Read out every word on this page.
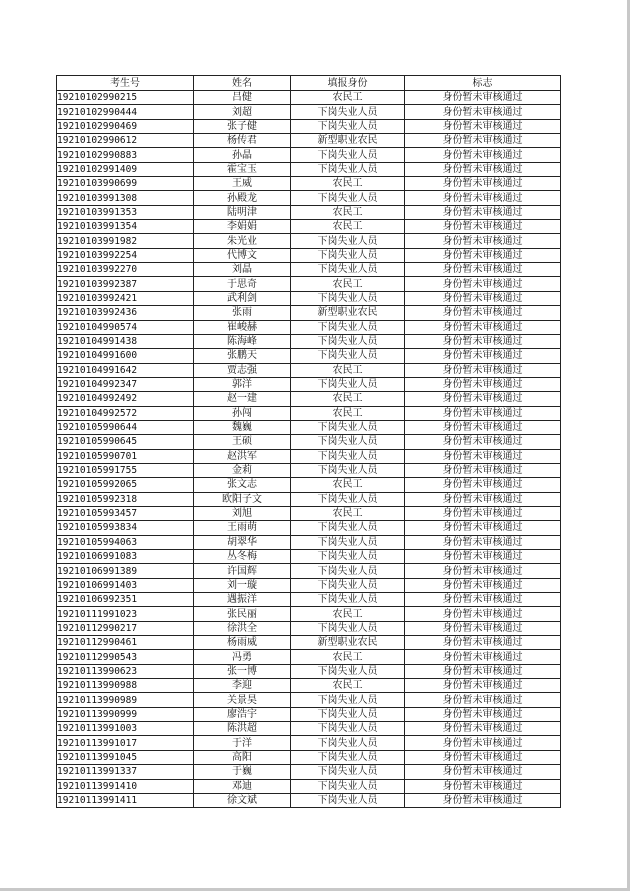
考生号	姓名	填报身份	标志
19210102990215	吕健	农民工	身份暂未审核通过
19210102990444	刘超	下岗失业人员	身份暂未审核通过
19210102990469	张子健	下岗失业人员	身份暂未审核通过
19210102990612	杨传君	新型职业农民	身份暂未审核通过
19210102990883	孙晶	下岗失业人员	身份暂未审核通过
19210102991409	霍宝玉	下岗失业人员	身份暂未审核通过
19210103990699	王威	农民工	身份暂未审核通过
19210103991308	孙殿龙	下岗失业人员	身份暂未审核通过
19210103991353	陆明津	农民工	身份暂未审核通过
19210103991354	李娟娟	农民工	身份暂未审核通过
19210103991982	朱光业	下岗失业人员	身份暂未审核通过
19210103992254	代博文	下岗失业人员	身份暂未审核通过
19210103992270	刘晶	下岗失业人员	身份暂未审核通过
19210103992387	于思奇	农民工	身份暂未审核通过
19210103992421	武利剑	下岗失业人员	身份暂未审核通过
19210103992436	张雨	新型职业农民	身份暂未审核通过
19210104990574	崔峻赫	下岗失业人员	身份暂未审核通过
19210104991438	陈海峰	下岗失业人员	身份暂未审核通过
19210104991600	张鹏天	下岗失业人员	身份暂未审核通过
19210104991642	贾志强	农民工	身份暂未审核通过
19210104992347	郭洋	下岗失业人员	身份暂未审核通过
19210104992492	赵一建	农民工	身份暂未审核通过
19210104992572	孙闯	农民工	身份暂未审核通过
19210105990644	魏巍	下岗失业人员	身份暂未审核通过
19210105990645	王硕	下岗失业人员	身份暂未审核通过
19210105990701	赵洪军	下岗失业人员	身份暂未审核通过
19210105991755	金莉	下岗失业人员	身份暂未审核通过
19210105992065	张文志	农民工	身份暂未审核通过
19210105992318	欧阳子文	下岗失业人员	身份暂未审核通过
19210105993457	刘旭	农民工	身份暂未审核通过
19210105993834	王雨萌	下岗失业人员	身份暂未审核通过
19210105994063	胡翠华	下岗失业人员	身份暂未审核通过
19210106991083	丛冬梅	下岗失业人员	身份暂未审核通过
19210106991389	许国辉	下岗失业人员	身份暂未审核通过
19210106991403	刘一璇	下岗失业人员	身份暂未审核通过
19210106992351	遇振洋	下岗失业人员	身份暂未审核通过
19210111991023	张民丽	农民工	身份暂未审核通过
19210112990217	徐洪全	下岗失业人员	身份暂未审核通过
19210112990461	杨雨威	新型职业农民	身份暂未审核通过
19210112990543	冯勇	农民工	身份暂未审核通过
19210113990623	张一博	下岗失业人员	身份暂未审核通过
19210113990988	李迎	农民工	身份暂未审核通过
19210113990989	关景昊	下岗失业人员	身份暂未审核通过
19210113990999	廖浩宇	下岗失业人员	身份暂未审核通过
19210113991003	陈洪超	下岗失业人员	身份暂未审核通过
19210113991017	于洋	下岗失业人员	身份暂未审核通过
19210113991045	高阳	下岗失业人员	身份暂未审核通过
19210113991337	于巍	下岗失业人员	身份暂未审核通过
19210113991410	邓迪	下岗失业人员	身份暂未审核通过
19210113991411	徐文斌	下岗失业人员	身份暂未审核通过
